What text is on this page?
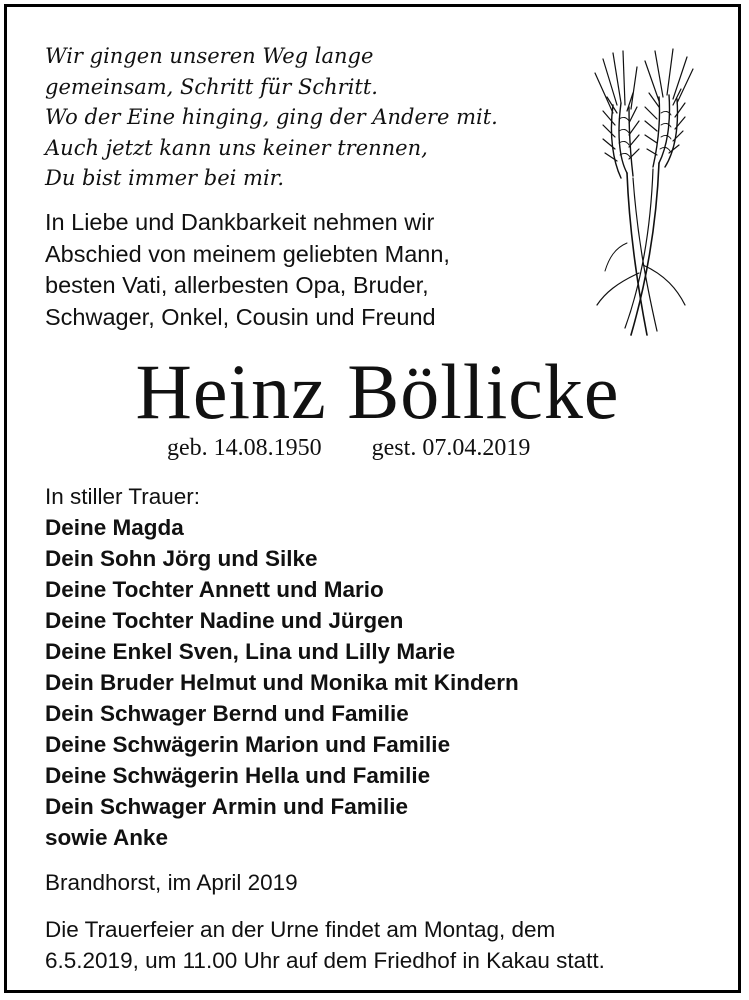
Wir gingen unseren Weg lange
gemeinsam, Schritt für Schritt.
Wo der Eine hinging, ging der Andere mit.
Auch jetzt kann uns keiner trennen,
Du bist immer bei mir.
In Liebe und Dankbarkeit nehmen wir
Abschied von meinem geliebten Mann,
besten Vati, allerbesten Opa, Bruder,
Schwager, Onkel, Cousin und Freund
Heinz Böllicke
geb. 14.08.1950 gest. 07.04.2019
In stiller Trauer:
Deine Magda
Dein Sohn Jörg und Silke
Deine Tochter Annett und Mario
Deine Tochter Nadine und Jürgen
Deine Enkel Sven, Lina und Lilly Marie
Dein Bruder Helmut und Monika mit Kindern
Dein Schwager Bernd und Familie
Deine Schwägerin Marion und Familie
Deine Schwägerin Hella und Familie
Dein Schwager Armin und Familie
sowie Anke
Brandhorst, im April 2019
Die Trauerfeier an der Urne findet am Montag, dem
6.5.2019, um 11.00 Uhr auf dem Friedhof in Kakau statt.
